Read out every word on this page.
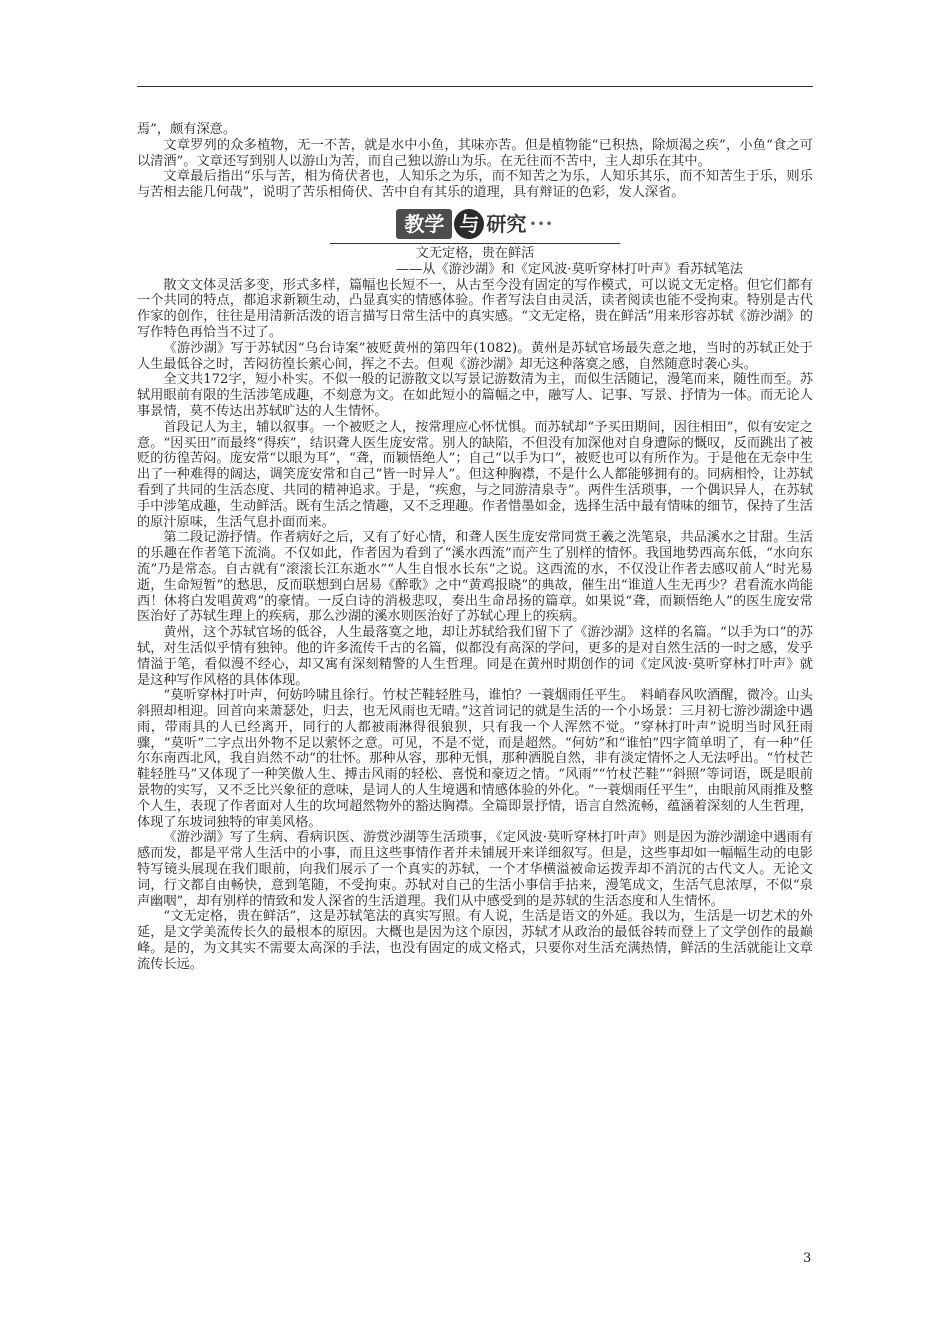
焉”，颇有深意。

文章罗列的众多植物，无一不苦，就是水中小鱼，其味亦苦。但是植物能“已积热，除烦渴之疾”，小鱼“食之可以清酒”。文章还写到别人以游山为苦，而自己独以游山为乐。在无往而不苦中，主人却乐在其中。

文章最后指出“乐与苦，相为倚伏者也，人知乐之为乐，而不知苦之为乐，人知乐其乐，而不知苦生于乐，则乐与苦相去能几何哉”，说明了苦乐相倚伏、苦中自有其乐的道理，具有辩证的色彩，发人深省。

教学 与 研究 •••

文无定格，贵在鲜活

——从《游沙湖》和《定风波·莫听穿林打叶声》看苏轼笔法

散文文体灵活多变，形式多样，篇幅也长短不一，从古至今没有固定的写作模式，可以说文无定格。但它们都有一个共同的特点，都追求新颖生动，凸显真实的情感体验。作者写法自由灵活，读者阅读也能不受拘束。特别是古代作家的创作，往往是用清新活泼的语言描写日常生活中的真实感。“文无定格，贵在鲜活”用来形容苏轼《游沙湖》的写作特色再恰当不过了。

《游沙湖》写于苏轼因“乌台诗案”被贬黄州的第四年(1082)。黄州是苏轼官场最失意之地，当时的苏轼正处于人生最低谷之时，苦闷彷徨长萦心间，挥之不去。但观《游沙湖》却无这种落寞之感，自然随意时袭心头。

全文共172字，短小朴实。不似一般的记游散文以写景记游数清为主，而似生活随记，漫笔而来，随性而至。苏轼用眼前有限的生活涉笔成趣，不刻意为文。在如此短小的篇幅之中，融写人、记事、写景、抒情为一体。而无论人事景情，莫不传达出苏轼旷达的人生情怀。

首段记人为主，辅以叙事。一个被贬之人，按常理应心怀忧惧。而苏轼却“予买田期间，因往相田”，似有安定之意。“因买田”而最终“得疾”，结识聋人医生庞安常。别人的缺陷，不但没有加深他对自身遭际的慨叹，反而跳出了被贬的彷徨苦闷。庞安常“以眼为耳”，“聋，而颖悟绝人”；自己“以手为口”，被贬也可以有所作为。于是他在无奈中生出了一种难得的阔达，调笑庞安常和自己“皆一时异人”。但这种胸襟，不是什么人都能够拥有的。同病相怜，让苏轼看到了共同的生活态度、共同的精神追求。于是，“疾愈，与之同游清泉寺”。两件生活琐事，一个偶识异人，在苏轼手中涉笔成趣，生动鲜活。既有生活之情趣，又不乏理趣。作者惜墨如金，选择生活中最有情味的细节，保持了生活的原汁原味，生活气息扑面而来。

第二段记游抒情。作者病好之后，又有了好心情，和聋人医生庞安常同赏王羲之洗笔泉，共品溪水之甘甜。生活的乐趣在作者笔下流淌。不仅如此，作者因为看到了“溪水西流”而产生了别样的情怀。我国地势西高东低，“水向东流”乃是常态。自古就有“滚滚长江东逝水”“人生自恨水长东”之说。这西流的水，不仅没让作者去感叹前人“时光易逝，生命短暂”的愁思，反而联想到白居易《醉歌》之中“黄鸡报晓”的典故，催生出“谁道人生无再少？君看流水尚能西！休将白发唱黄鸡”的豪情。一反白诗的消极悲叹，奏出生命昂扬的篇章。如果说“聋，而颖悟绝人”的医生庞安常医治好了苏轼生理上的疾病，那么沙湖的溪水则医治好了苏轼心理上的疾病。

黄州，这个苏轼官场的低谷，人生最落寞之地，却让苏轼给我们留下了《游沙湖》这样的名篇。“以手为口”的苏轼，对生活似乎情有独钟。他的许多流传千古的名篇，似都没有高深的学问，更多的是对自然生活的一时之感，发乎情溢于笔，看似漫不经心，却又寓有深刻精警的人生哲理。同是在黄州时期创作的词《定风波·莫听穿林打叶声》就是这种写作风格的具体体现。

“莫听穿林打叶声，何妨吟啸且徐行。竹杖芒鞋轻胜马，谁怕？一蓑烟雨任平生。　料峭春风吹酒醒，微冷。山头斜照却相迎。回首向来萧瑟处，归去，也无风雨也无晴。”这首词记的就是生活的一个小场景：三月初七游沙湖途中遇雨，带雨具的人已经离开，同行的人都被雨淋得很狼狈，只有我一个人浑然不觉。“穿林打叶声”说明当时风狂雨骤，“莫听”二字点出外物不足以萦怀之意。可见，不是不觉，而是超然。“何妨”和“谁怕”四字简单明了，有一种“任尔东南西北风，我自岿然不动”的壮怀。那种从容，那种无惧，那种洒脱自然，非有淡定情怀之人无法呼出。“竹杖芒鞋轻胜马”又体现了一种笑傲人生、搏击风雨的轻松、喜悦和豪迈之情。“风雨”“竹杖芒鞋”“斜照”等词语，既是眼前景物的实写，又不乏比兴象征的意味，是词人的人生境遇和情感体验的外化。“一蓑烟雨任平生”，由眼前风雨推及整个人生，表现了作者面对人生的坎坷超然物外的豁达胸襟。全篇即景抒情，语言自然流畅，蕴涵着深刻的人生哲理，体现了东坡词独特的审美风格。

《游沙湖》写了生病、看病识医、游赏沙湖等生活琐事，《定风波·莫听穿林打叶声》则是因为游沙湖途中遇雨有感而发，都是平常人生活中的小事，而且这些事情作者并未铺展开来详细叙写。但是，这些事却如一幅幅生动的电影特写镜头展现在我们眼前，向我们展示了一个真实的苏轼，一个才华横溢被命运拨弄却不消沉的古代文人。无论文词，行文都自由畅快，意到笔随，不受拘束。苏轼对自己的生活小事信手拈来，漫笔成文，生活气息浓厚，不似“泉声幽咽”，却有别样的情致和发人深省的生活道理。我们从中感受到的是苏轼的生活态度和人生情怀。

“文无定格，贵在鲜活”，这是苏轼笔法的真实写照。有人说，生活是语文的外延。我以为，生活是一切艺术的外延，是文学美流传长久的最根本的原因。大概也是因为这个原因，苏轼才从政治的最低谷转而登上了文学创作的最巅峰。是的，为文其实不需要太高深的手法，也没有固定的成文格式，只要你对生活充满热情，鲜活的生活就能让文章流传长远。

3
